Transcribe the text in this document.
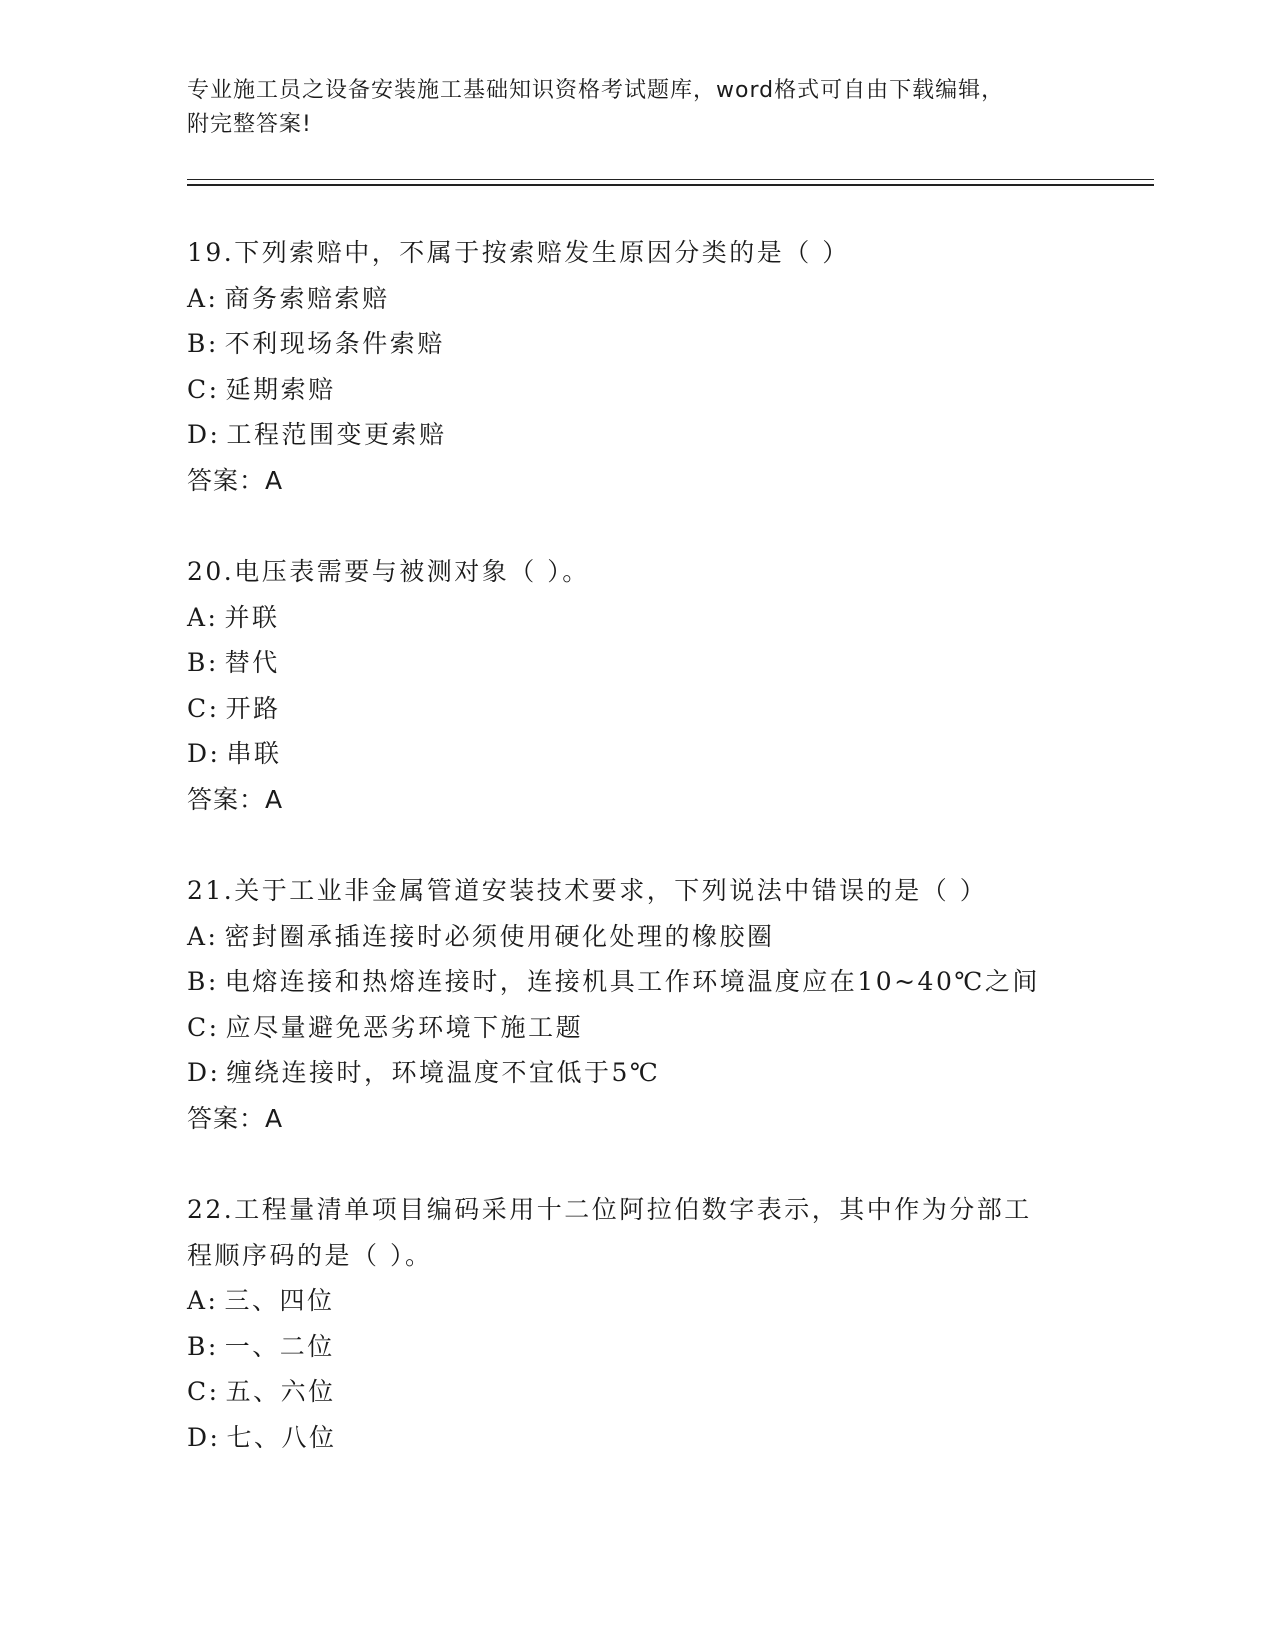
专业施工员之设备安装施工基础知识资格考试题库，word格式可自由下载编辑，
附完整答案!
19.下列索赔中，不属于按索赔发生原因分类的是（ ）
A: 商务索赔索赔
B: 不利现场条件索赔
C: 延期索赔
D: 工程范围变更索赔
答案：A
20.电压表需要与被测对象（ ）。
A: 并联
B: 替代
C: 开路
D: 串联
答案：A
21.关于工业非金属管道安装技术要求，下列说法中错误的是（ ）
A: 密封圈承插连接时必须使用硬化处理的橡胶圈
B: 电熔连接和热熔连接时，连接机具工作环境温度应在10~40℃之间
C: 应尽量避免恶劣环境下施工题
D: 缠绕连接时，环境温度不宜低于5℃
答案：A
22.工程量清单项目编码采用十二位阿拉伯数字表示，其中作为分部工
程顺序码的是（ ）。
A: 三、四位
B: 一、二位
C: 五、六位
D: 七、八位
